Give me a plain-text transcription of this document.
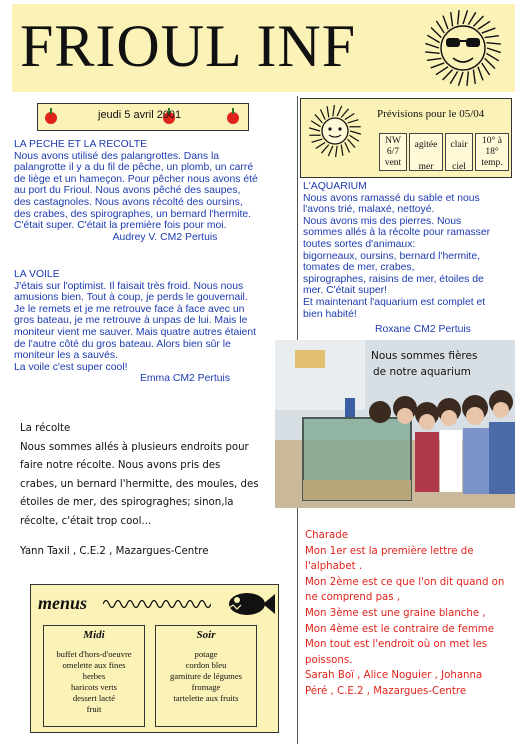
FRIOUL INF
jeudi 5 avril 2001

LA PECHE ET LA RECOLTE

Nous avons utilisé des palangrottes. Dans la

palangrotte il y a du fil de pêche, un plomb, un carré

de liège et un hameçon. Pour pêcher nous avons été

au port du Frioul. Nous avons pêché des saupes,

des castagnoles. Nous avons récolté des oursins,

des crabes, des spirographes, un bernard l'hermite.

C'était super. C'était la première fois pour moi.

Audrey V. CM2 Pertuis

LA VOILE

J'étais sur l'optimist. Il faisait très froid. Nous nous

amusions bien. Tout à coup, je perds le gouvernail.

Je le remets et je me retrouve face à face avec un

gros bateau, je me retrouve à unpas de lui. Mais le

moniteur vient me sauver. Mais quatre autres étaient

de l'autre côté du gros bateau. Alors bien sûr le

moniteur les a sauvés.

La voile c'est super cool!

Emma CM2 Pertuis

La récolte

Nous sommes allés à plusieurs endroits pour

faire notre récolte. Nous avons pris des

crabes, un bernard l'hermitte, des moules, des

étoiles de mer, des spirograghes; sinon,la

récolte, c'était trop cool...

Yann Taxil , C.E.2 , Mazargues-Centre

Prévisions pour le 05/04
NW
6/7
vent
agitée
mer
clair
ciel
10° à
18°
temp.

L'AQUARIUM

Nous avons ramassé du sable et nous

l'avons trié, malaxé, nettoyé.

Nous avons mis des pierres. Nous

sommes allés à la récolte pour ramasser

toutes sortes d'animaux:

bigorneaux, oursins, bernard l'hermite,

tomates de mer, crabes,

spirographes, raisins de mer, étoiles de

mer. C'était super!

Et maintenant l'aquarium est complet et

bien habité!

Roxane CM2 Pertuis

Nous sommes fières

de notre aquarium

Charade

Mon 1er est la première lettre de

l'alphabet .

Mon 2ème est ce que l'on dit quand on

ne comprend pas ,

Mon 3ème est une graine blanche ,

Mon 4ème est le contraire de femme

Mon tout est l'endroit où on met les

poissons.

Sarah Boï , Alice Noguier , Johanna

Péré , C.E.2 , Mazargues-Centre

menus

Midi

buffet d'hors-d'oeuvre

omelette aux fines

herbes

haricots verts

dessert lacté

fruit

Soir

potage

cordon bleu

garniture de légumes

fromage

tartelette aux fruits
